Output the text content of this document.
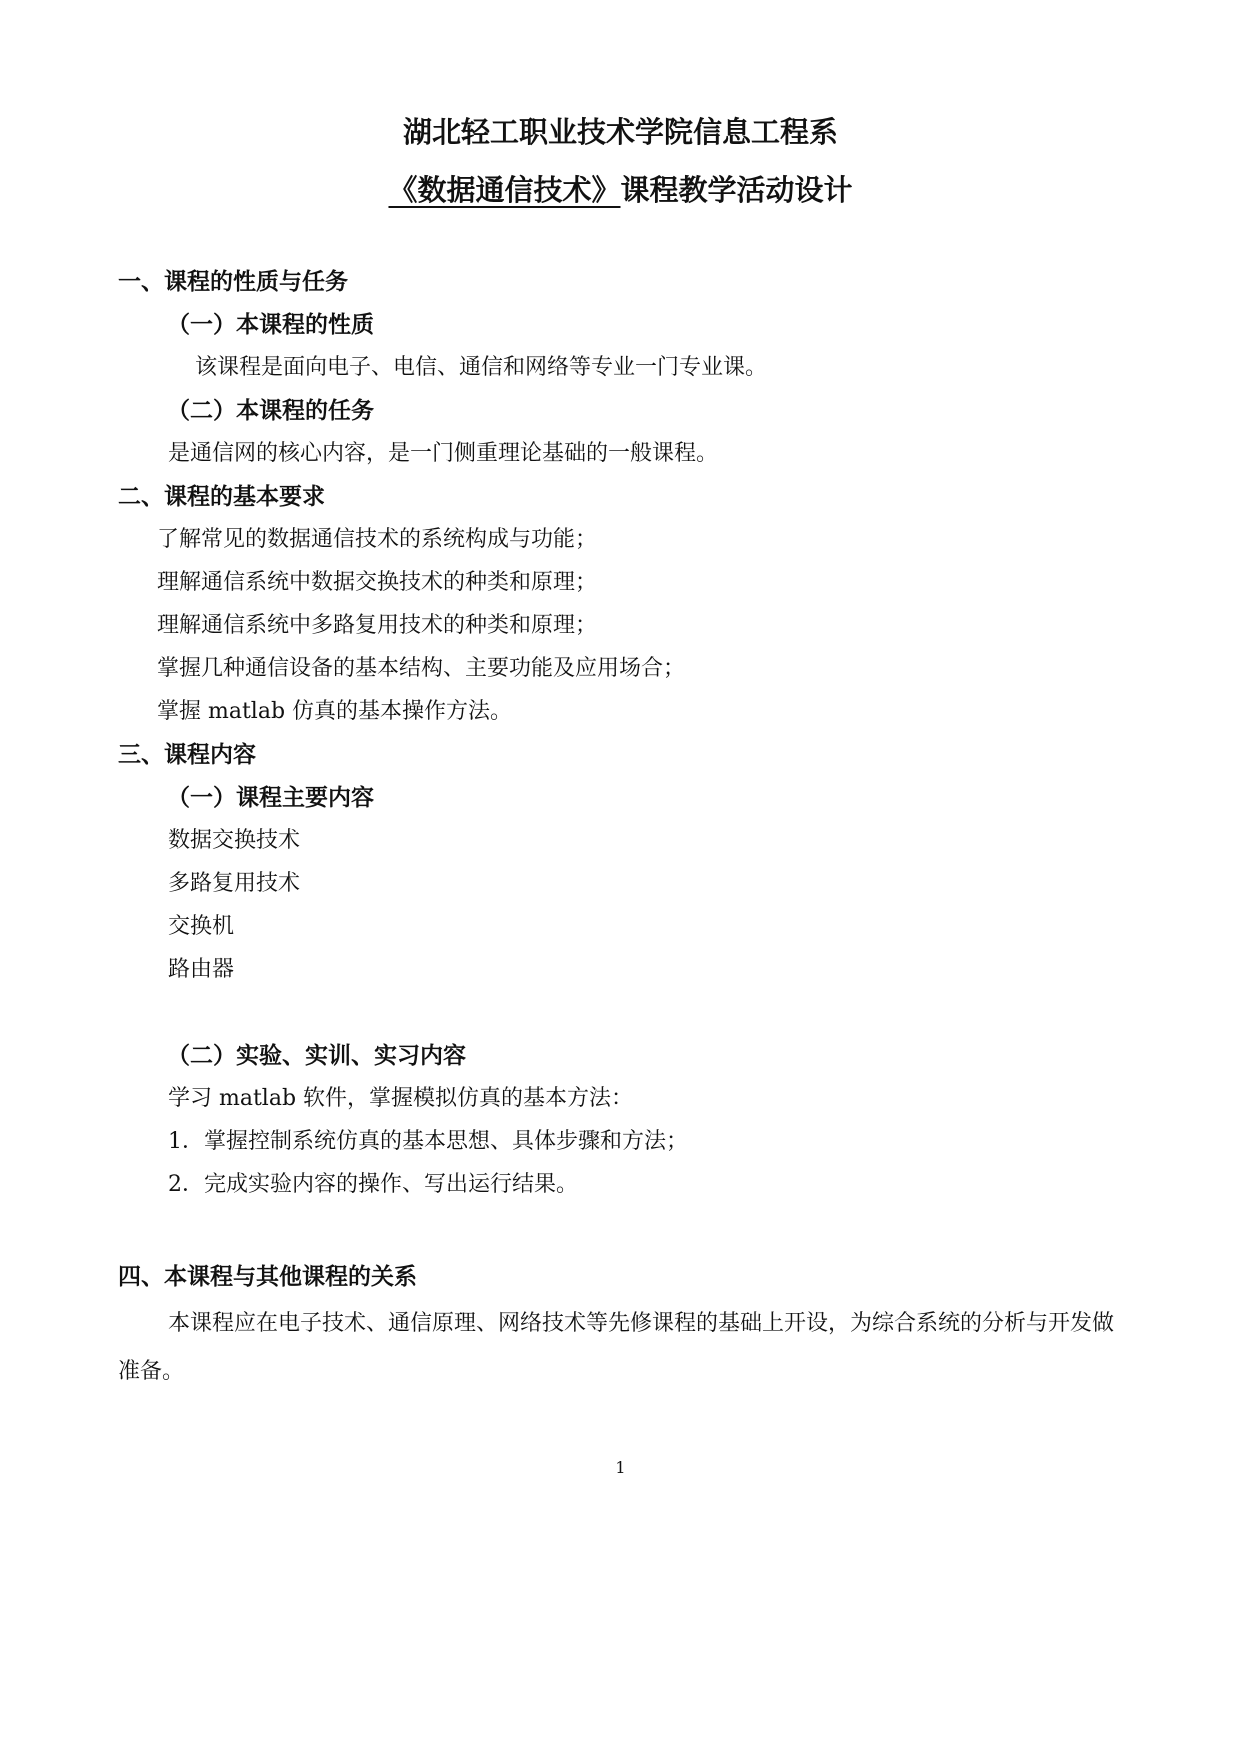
湖北轻工职业技术学院信息工程系
《数据通信技术》课程教学活动设计
一、课程的性质与任务
（一）本课程的性质
该课程是面向电子、电信、通信和网络等专业一门专业课。
（二）本课程的任务
是通信网的核心内容，是一门侧重理论基础的一般课程。
二、课程的基本要求
了解常见的数据通信技术的系统构成与功能；
理解通信系统中数据交换技术的种类和原理；
理解通信系统中多路复用技术的种类和原理；
掌握几种通信设备的基本结构、主要功能及应用场合；
掌握 matlab 仿真的基本操作方法。
三、课程内容
（一）课程主要内容
数据交换技术
多路复用技术
交换机
路由器
（二）实验、实训、实习内容
学习 matlab 软件，掌握模拟仿真的基本方法：
1．掌握控制系统仿真的基本思想、具体步骤和方法；
2．完成实验内容的操作、写出运行结果。
四、本课程与其他课程的关系
本课程应在电子技术、通信原理、网络技术等先修课程的基础上开设，为综合系统的分析与开发做准备。
1
